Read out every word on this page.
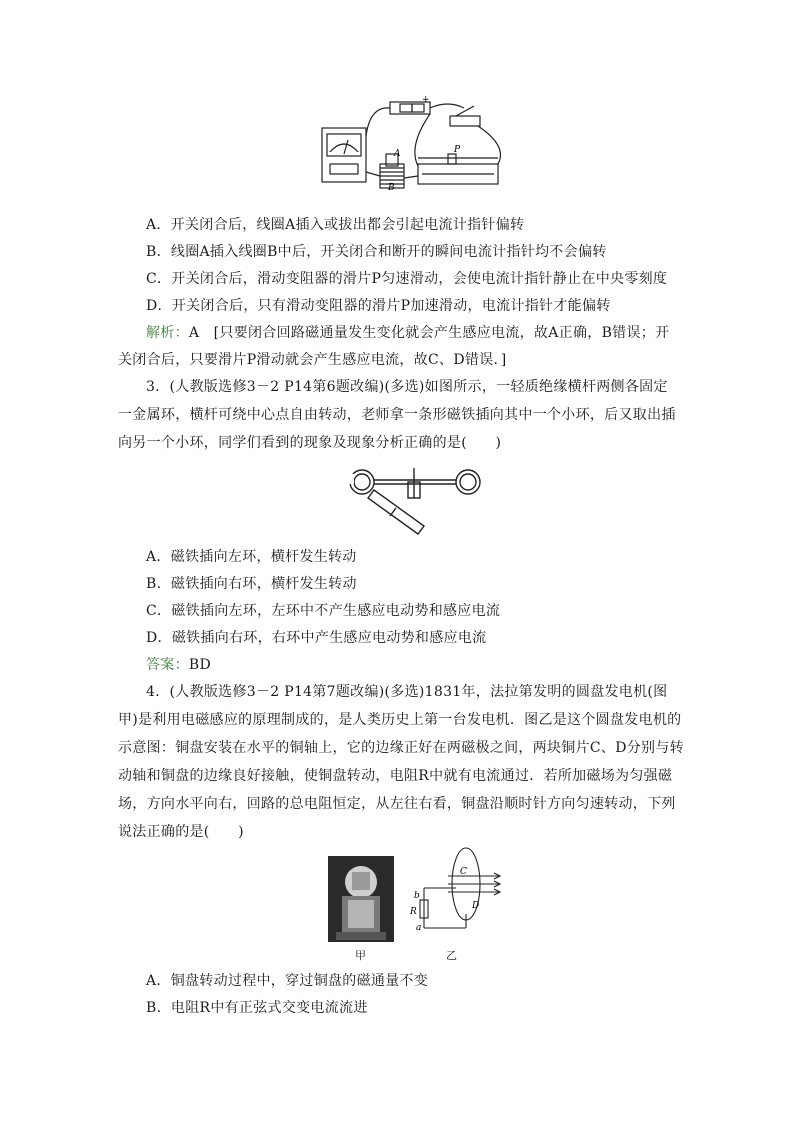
A
B
P
+
A．开关闭合后，线圈A插入或拔出都会引起电流计指针偏转
B．线圈A插入线圈B中后，开关闭合和断开的瞬间电流计指针均不会偏转
C．开关闭合后，滑动变阻器的滑片P匀速滑动，会使电流计指针静止在中央零刻度
D．开关闭合后，只有滑动变阻器的滑片P加速滑动，电流计指针才能偏转
解析：A　[只要闭合回路磁通量发生变化就会产生感应电流，故A正确，B错误；开
关闭合后，只要滑片P滑动就会产生感应电流，故C、D错误．]
3．(人教版选修3－2 P14第6题改编)(多选)如图所示，一轻质绝缘横杆两侧各固定
一金属环，横杆可绕中心点自由转动，老师拿一条形磁铁插向其中一个小环，后又取出插
向另一个小环，同学们看到的现象及现象分析正确的是(　　)
A．磁铁插向左环，横杆发生转动
B．磁铁插向右环，横杆发生转动
C．磁铁插向左环，左环中不产生感应电动势和感应电流
D．磁铁插向右环，右环中产生感应电动势和感应电流
答案：BD
4．(人教版选修3－2 P14第7题改编)(多选)1831年，法拉第发明的圆盘发电机(图
甲)是利用电磁感应的原理制成的，是人类历史上第一台发电机．图乙是这个圆盘发电机的
示意图：铜盘安装在水平的铜轴上，它的边缘正好在两磁极之间，两块铜片C、D分别与转
动轴和铜盘的边缘良好接触，使铜盘转动，电阻R中就有电流通过．若所加磁场为匀强磁
场，方向水平向右，回路的总电阻恒定，从左往右看，铜盘沿顺时针方向匀速转动，下列
说法正确的是(　　)
甲
b
R
a
C
D
乙
A．铜盘转动过程中，穿过铜盘的磁通量不变
B．电阻R中有正弦式交变电流流进
